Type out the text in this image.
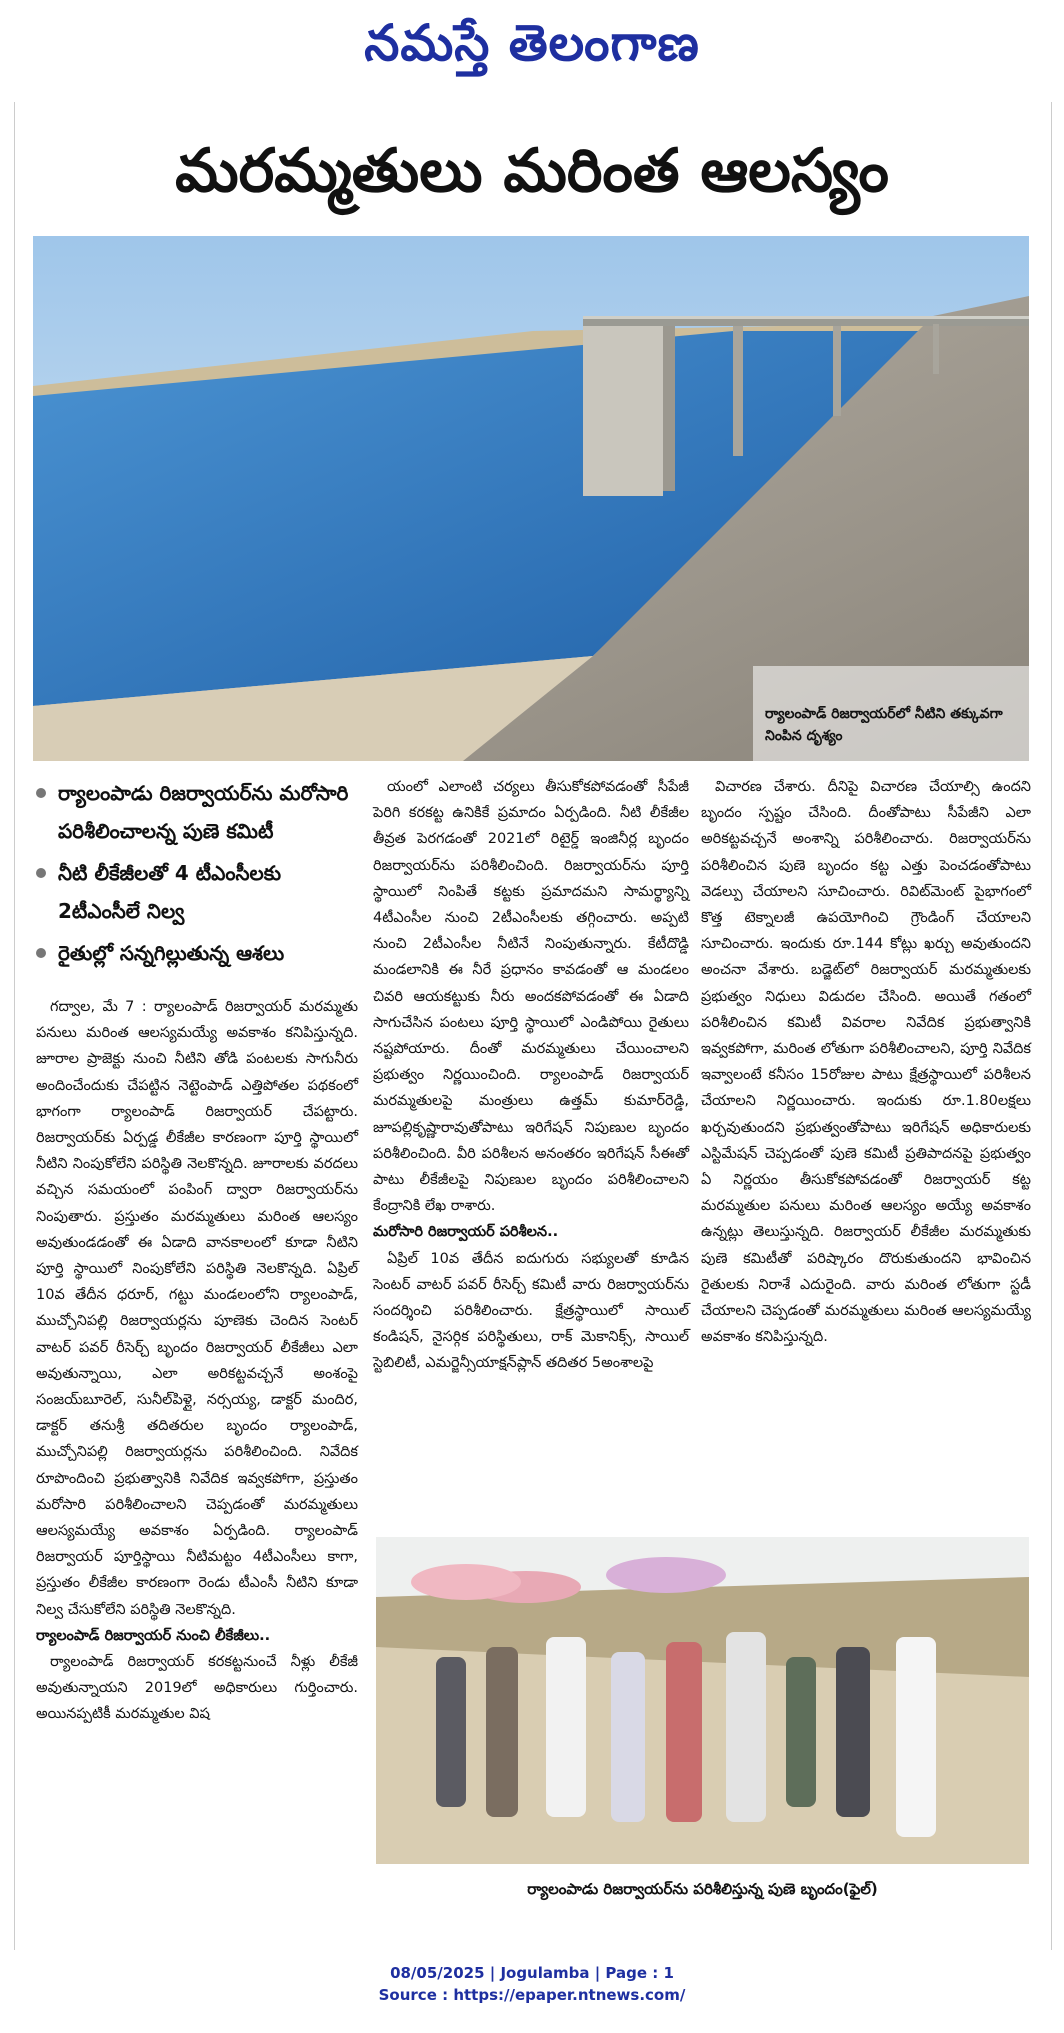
నమస్తే తెలంగాణ
మరమ్మతులు మరింత ఆలస్యం
ర్యాలంపాడ్ రిజర్వాయర్‌లో నీటిని తక్కువగా నింపిన దృశ్యం
ర్యాలంపాడు రిజర్వాయర్‌ను మరోసారి పరిశీలించాలన్న పుణె కమిటీ
నీటి లీకేజీలతో 4 టీఎంసీలకు 2టీఎంసీలే నిల్వ
రైతుల్లో సన్నగిల్లుతున్న ఆశలు

గద్వాల, మే 7 : ర్యాలంపాడ్ రిజర్వాయర్ మరమ్మతు పనులు మరింత ఆలస్యమయ్యే అవకాశం కనిపిస్తున్నది. జూరాల ప్రాజెక్టు నుంచి నీటిని తోడి పంటలకు సాగునీరు అందించేందుకు చేపట్టిన నెట్టెంపాడ్ ఎత్తిపోతల పథకంలో భాగంగా ర్యాలంపాడ్ రిజర్వాయర్ చేపట్టారు. రిజర్వాయర్‌కు ఏర్పడ్డ లీకేజీల కారణంగా పూర్తి స్థాయిలో నీటిని నింపుకోలేని పరిస్థితి నెలకొన్నది. జూరాలకు వరదలు వచ్చిన సమయంలో పంపింగ్ ద్వారా రిజర్వాయర్‌ను నింపుతారు. ప్రస్తుతం మరమ్మతులు మరింత ఆలస్యం అవుతుండడంతో ఈ ఏడాది వానకాలంలో కూడా నీటిని పూర్తి స్థాయిలో నింపుకోలేని పరిస్థితి నెలకొన్నది. ఏప్రిల్ 10వ తేదీన ధరూర్, గట్టు మండలంలోని ర్యాలంపాడ్, ముచ్చోనిపల్లి రిజర్వాయర్లను పూణెకు చెందిన సెంటర్ వాటర్ పవర్ రీసెర్చ్ బృందం రిజర్వాయర్ లీకేజీలు ఎలా అవుతున్నాయి, ఎలా అరికట్టవచ్చనే అంశంపై సంజయ్‌బూరెల్, సునీల్‌పిళ్లై, నర్సయ్య, డాక్టర్ మందిర, డాక్టర్ తనుశ్రీ తదితరుల బృందం ర్యాలంపాడ్, ముచ్చోనిపల్లి రిజర్వాయర్లను పరిశీలించింది. నివేదిక రూపొందించి ప్రభుత్వానికి నివేదిక ఇవ్వకపోగా, ప్రస్తుతం మరోసారి పరిశీలించాలని చెప్పడంతో మరమ్మతులు ఆలస్యమయ్యే అవకాశం ఏర్పడింది. ర్యాలంపాడ్ రిజర్వాయర్ పూర్తిస్థాయి నీటిమట్టం 4టీఎంసీలు కాగా, ప్రస్తుతం లీకేజీల కారణంగా రెండు టీఎంసీ నీటిని కూడా నిల్వ చేసుకోలేని పరిస్థితి నెలకొన్నది.

ర్యాలంపాడ్ రిజర్వాయర్ నుంచి లీకేజీలు..

ర్యాలంపాడ్ రిజర్వాయర్ కరకట్టనుంచే నీళ్లు లీకేజీ అవుతున్నాయని 2019లో అధికారులు గుర్తించారు. అయినప్పటికీ మరమ్మతుల విష

యంలో ఎలాంటి చర్యలు తీసుకోకపోవడంతో సీపేజీ పెరిగి కరకట్ట ఉనికికే ప్రమాదం ఏర్పడింది. నీటి లీకేజీల తీవ్రత పెరగడంతో 2021లో రిటైర్డ్ ఇంజినీర్ల బృందం రిజర్వాయర్‌ను పరిశీలించింది. రిజర్వాయర్‌ను పూర్తి స్థాయిలో నింపితే కట్టకు ప్రమాదమని సామర్థ్యాన్ని 4టీఎంసీల నుంచి 2టీఎంసీలకు తగ్గించారు. అప్పటి నుంచి 2టీఎంసీల నీటినే నింపుతున్నారు. కేటీదొడ్డి మండలానికి ఈ నీరే ప్రధానం కావడంతో ఆ మండలం చివరి ఆయకట్టుకు నీరు అందకపోవడంతో ఈ ఏడాది సాగుచేసిన పంటలు పూర్తి స్థాయిలో ఎండిపోయి రైతులు నష్టపోయారు. దీంతో మరమ్మతులు చేయించాలని ప్రభుత్వం నిర్ణయించింది. ర్యాలంపాడ్ రిజర్వాయర్ మరమ్మతులపై మంత్రులు ఉత్తమ్ కుమార్‌రెడ్డి, జూపల్లికృష్ణారావుతోపాటు ఇరిగేషన్ నిపుణుల బృందం పరిశీలించింది. వీరి పరిశీలన అనంతరం ఇరిగేషన్ సీఈతో పాటు లీకేజీలపై నిపుణుల బృందం పరిశీలించాలని కేంద్రానికి లేఖ రాశారు.

మరోసారి రిజర్వాయర్ పరిశీలన..

ఏప్రిల్ 10వ తేదీన ఐదుగురు సభ్యులతో కూడిన సెంటర్ వాటర్ పవర్ రీసెర్చ్ కమిటీ వారు రిజర్వాయర్‌ను సందర్శించి పరిశీలించారు. క్షేత్రస్థాయిలో సాయిల్ కండిషన్, నైసర్గిక పరిస్థితులు, రాక్ మెకానిక్స్, సాయిల్ స్టెబిలిటీ, ఎమర్జెన్సీయాక్షన్‌ప్లాన్ తదితర 5అంశాలపై

విచారణ చేశారు. దీనిపై విచారణ చేయాల్సి ఉందని బృందం స్పష్టం చేసింది. దీంతోపాటు సీపేజీని ఎలా అరికట్టవచ్చనే అంశాన్ని పరిశీలించారు. రిజర్వాయర్‌ను పరిశీలించిన పుణె బృందం కట్ట ఎత్తు పెంచడంతోపాటు వెడల్పు చేయాలని సూచించారు. రివిట్‌మెంట్ పైభాగంలో కొత్త టెక్నాలజీ ఉపయోగించి గ్రౌండింగ్ చేయాలని సూచించారు. ఇందుకు రూ.144 కోట్లు ఖర్చు అవుతుందని అంచనా వేశారు. బడ్జెట్‌లో రిజర్వాయర్ మరమ్మతులకు ప్రభుత్వం నిధులు విడుదల చేసింది. అయితే గతంలో పరిశీలించిన కమిటీ వివరాల నివేదిక ప్రభుత్వానికి ఇవ్వకపోగా, మరింత లోతుగా పరిశీలించాలని, పూర్తి నివేదిక ఇవ్వాలంటే కనీసం 15రోజుల పాటు క్షేత్రస్థాయిలో పరిశీలన చేయాలని నిర్ణయించారు. ఇందుకు రూ.1.80లక్షలు ఖర్చవుతుందని ప్రభుత్వంతోపాటు ఇరిగేషన్ అధికారులకు ఎస్టిమేషన్ చెప్పడంతో పుణె కమిటీ ప్రతిపాదనపై ప్రభుత్వం ఏ నిర్ణయం తీసుకోకపోవడంతో రిజర్వాయర్ కట్ట మరమ్మతుల పనులు మరింత ఆలస్యం అయ్యే అవకాశం ఉన్నట్లు తెలుస్తున్నది. రిజర్వాయర్ లీకేజీల మరమ్మతుకు పుణె కమిటీతో పరిష్కారం దొరుకుతుందని భావించిన రైతులకు నిరాశే ఎదురైంది. వారు మరింత లోతుగా స్టడీ చేయాలని చెప్పడంతో మరమ్మతులు మరింత ఆలస్యమయ్యే అవకాశం కనిపిస్తున్నది.

ర్యాలంపాడు రిజర్వాయర్‌ను పరిశీలిస్తున్న పుణె బృందం(ఫైల్)
08/05/2025 | Jogulamba | Page : 1
Source : https://epaper.ntnews.com/
